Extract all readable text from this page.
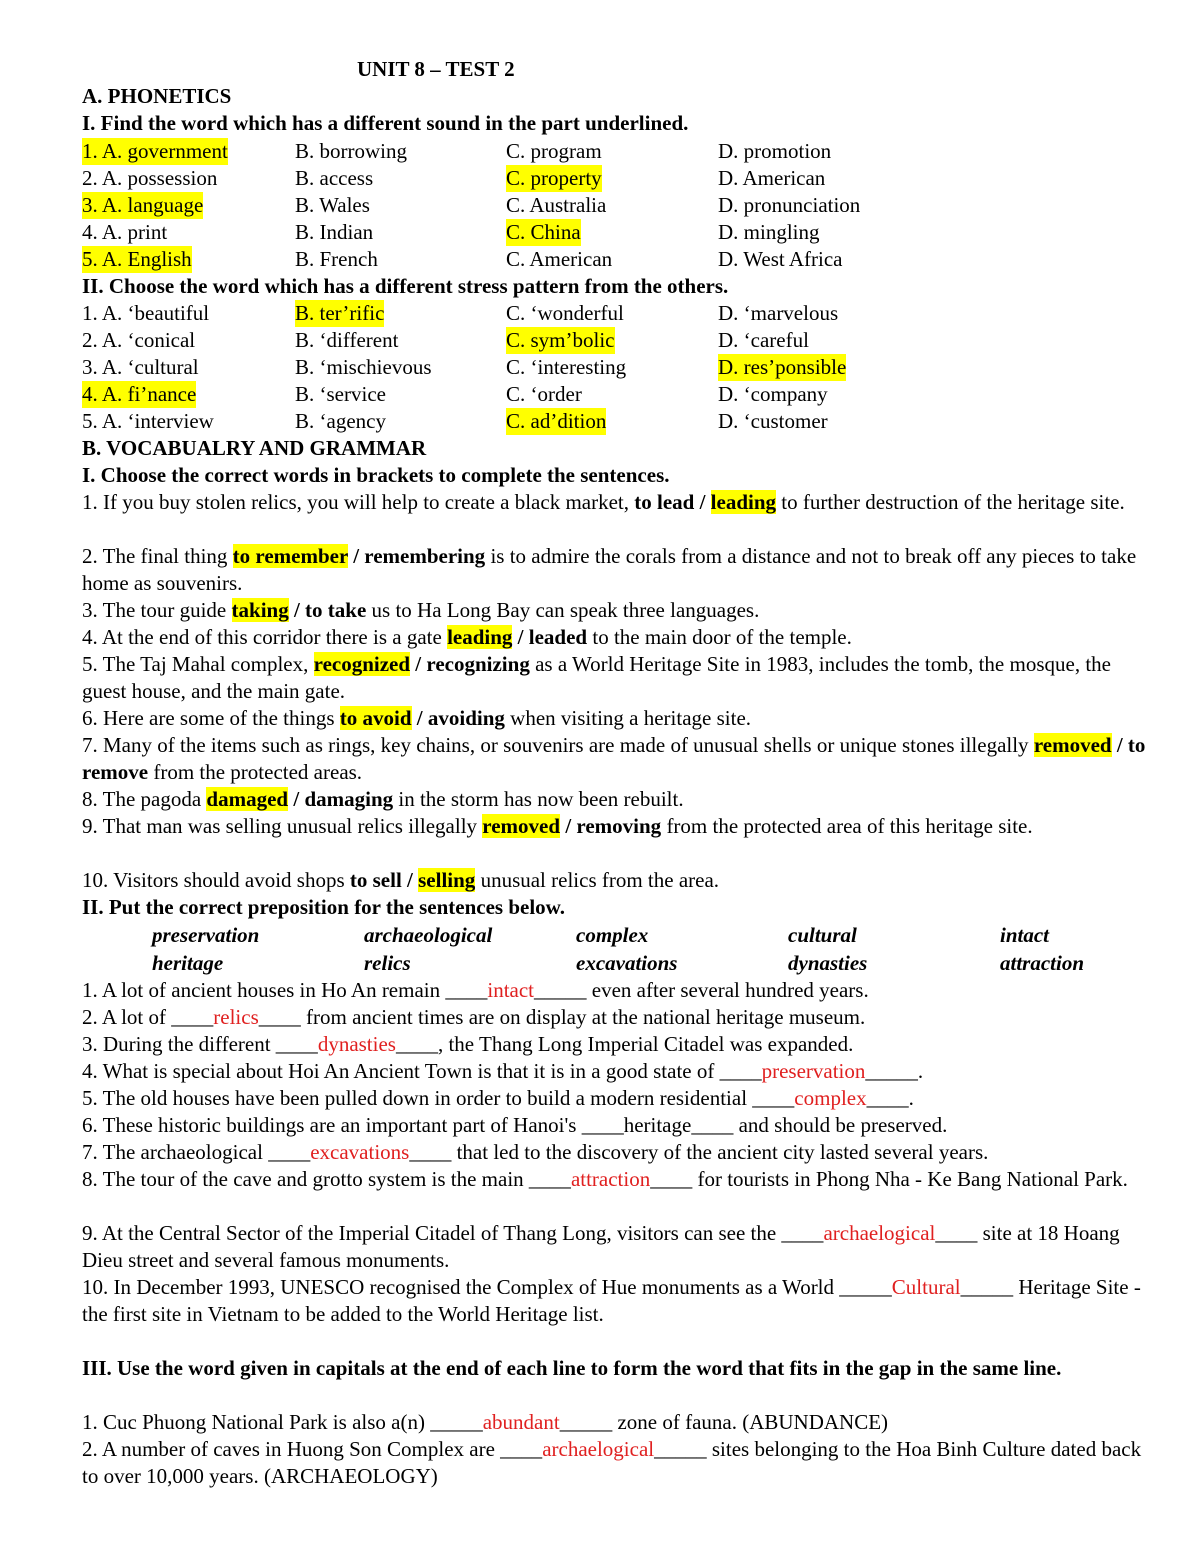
UNIT 8 – TEST 2
A. PHONETICS
I. Find the word which has a different sound in the part underlined.
1. A. government	B. borrowing	C. program	D. promotion
2. A. possession	B. access	C. property	D. American
3. A. language	B. Wales	C. Australia	D. pronunciation
4. A. print	B. Indian	C. China	D. mingling
5. A. English	B. French	C. American	D. West Africa
II. Choose the word which has a different stress pattern from the others.
1. A. ‘beautiful	B. ter’rific	C. ‘wonderful	D. ‘marvelous
2. A. ‘conical	B. ‘different	C. sym’bolic	D. ‘careful
3. A. ‘cultural	B. ‘mischievous	C. ‘interesting	D. res’ponsible
4. A. fi’nance	B. ‘service	C. ‘order	D. ‘company
5. A. ‘interview	B. ‘agency	C. ad’dition	D. ‘customer
B. VOCABUALRY AND GRAMMAR
I. Choose the correct words in brackets to complete the sentences.
1. If you buy stolen relics, you will help to create a black market, to lead / leading to further destruction of the heritage site.
2. The final thing to remember / remembering is to admire the corals from a distance and not to break off any pieces to take home as souvenirs.
3. The tour guide taking / to take us to Ha Long Bay can speak three languages.
4. At the end of this corridor there is a gate leading / leaded to the main door of the temple.
5. The Taj Mahal complex, recognized / recognizing as a World Heritage Site in 1983, includes the tomb, the mosque, the guest house, and the main gate.
6. Here are some of the things to avoid / avoiding when visiting a heritage site.
7. Many of the items such as rings, key chains, or souvenirs are made of unusual shells or unique stones illegally removed / to remove from the protected areas.
8. The pagoda damaged / damaging in the storm has now been rebuilt.
9. That man was selling unusual relics illegally removed / removing from the protected area of this heritage site.
10. Visitors should avoid shops to sell / selling unusual relics from the area.
II. Put the correct preposition for the sentences below.
preservation	archaeological	complex	cultural	intact
heritage	relics	excavations	dynasties	attraction
1. A lot of ancient houses in Ho An remain ____intact_____ even after several hundred years.
2. A lot of ____relics____ from ancient times are on display at the national heritage museum.
3. During the different ____dynasties____, the Thang Long Imperial Citadel was expanded.
4. What is special about Hoi An Ancient Town is that it is in a good state of ____preservation_____.
5. The old houses have been pulled down in order to build a modern residential ____complex____.
6. These historic buildings are an important part of Hanoi's ____heritage____ and should be preserved.
7. The archaeological ____excavations____ that led to the discovery of the ancient city lasted several years.
8. The tour of the cave and grotto system is the main ____attraction____ for tourists in Phong Nha - Ke Bang National Park.
9. At the Central Sector of the Imperial Citadel of Thang Long, visitors can see the ____archaelogical____ site at 18 Hoang Dieu street and several famous monuments.
10. In December 1993, UNESCO recognised the Complex of Hue monuments as a World _____Cultural_____ Heritage Site - the first site in Vietnam to be added to the World Heritage list.
III. Use the word given in capitals at the end of each line to form the word that fits in the gap in the same line.
1. Cuc Phuong National Park is also a(n) _____abundant_____ zone of fauna. (ABUNDANCE)
2. A number of caves in Huong Son Complex are ____archaelogical_____ sites belonging to the Hoa Binh Culture dated back to over 10,000 years. (ARCHAEOLOGY)
